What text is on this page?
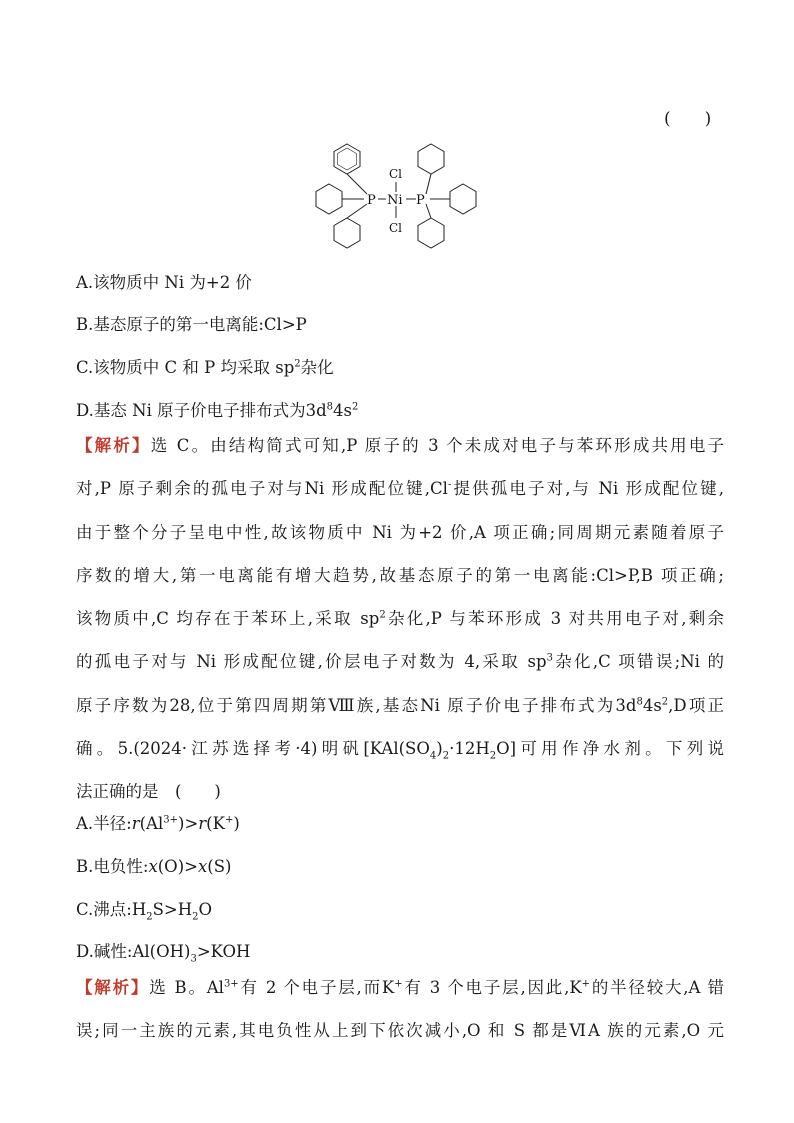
(　　)
P Ni P
Cl
Cl
A.该物质中 Ni 为+2 价
B.基态原子的第一电离能:Cl>P
C.该物质中 C 和 P 均采取 $sp^2$杂化
D.基态 Ni 原子价电子排布式为$3d^84s^2$
【解析】选 C。由结构简式可知,P 原子的 3 个未成对电子与苯环形成共用电子
对,P 原子剩余的孤电子对与Ni 形成配位键,Cl-提供孤电子对,与 Ni 形成配位键,
由于整个分子呈电中性,故该物质中 Ni 为+2 价,A 项正确;同周期元素随着原子
序数的增大,第一电离能有增大趋势,故基态原子的第一电离能:Cl>P,B 项正确;
该物质中,C 均存在于苯环上,采取 $sp^2$杂化,P 与苯环形成 3 对共用电子对,剩余
的孤电子对与 Ni 形成配位键,价层电子对数为 4,采取 $sp^3$杂化,C 项错误;Ni 的
原子序数为28,位于第四周期第Ⅷ族,基态Ni 原子价电子排布式为$3d^84s^2,D$项正
确。5.(2024·江苏选择考·4)明矾$[KAl(SO_4)_2\cdot 12H_2O]$可用作净水剂。下列说
法正确的是　(　　)
A.半径$:r(Al^{3+})>r(K^+)$
B.电负性:x(O)>x(S)
C.沸点$:H_2S>H_2O$
D.碱性$:Al(OH)_3>KOH$
【解析】选 B。$Al^{3+}$有 2 个电子层,而K+有 3 个电子层,因此,K+的半径较大,A 错
误;同一主族的元素,其电负性从上到下依次减小,O 和 S 都是ⅥA 族的元素,O 元
